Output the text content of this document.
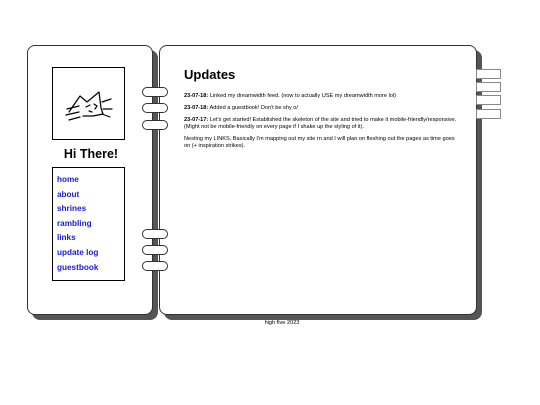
Hi There!
home
about
shrines
rambling
links
update log
guestbook
Updates

23-07-18: Linked my dreamwidth feed. (now to actually USE my dreamwidth more lol)

23-07-18: Added a guestbook! Don't be shy o/

23-07-17: Let's get started! Established the skeleton of the site and tried to make it mobile-friendly/responsive. (Might not be mobile-friendly on every page if I shake up the styling of it).

Nesting my LINKS. Basically I'm mapping out my site rn and I will plan on fleshing out the pages as time goes on (+ inspiration strikes).

high five 2023
